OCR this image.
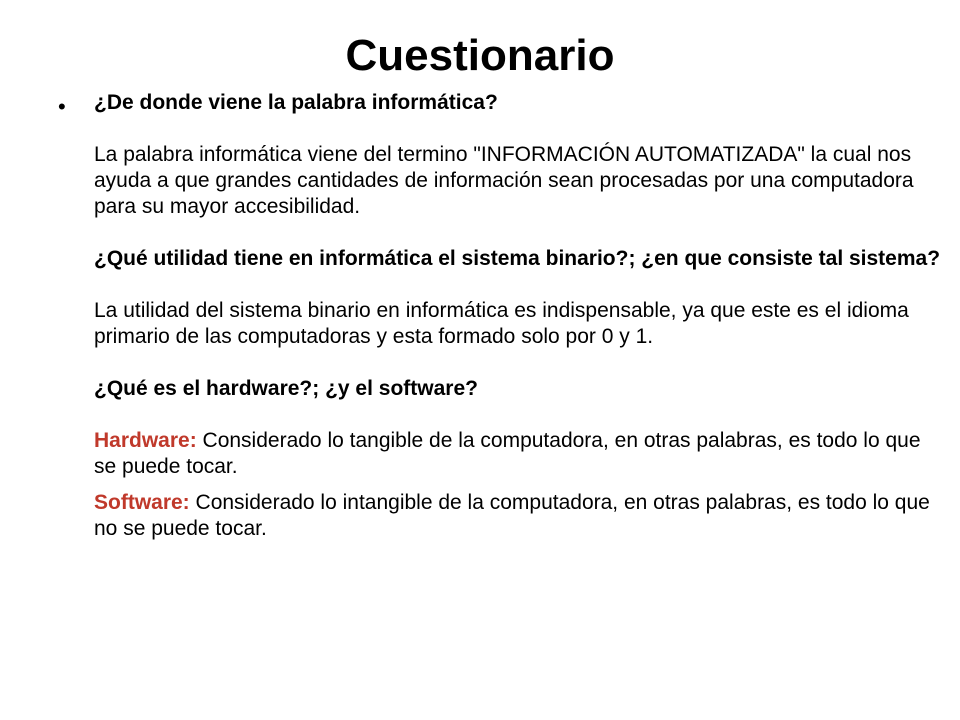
Cuestionario
• ¿De donde viene la palabra informática?

La palabra informática viene del termino "INFORMACIÓN AUTOMATIZADA" la cual nos ayuda a que grandes cantidades de información sean procesadas por una computadora para su mayor accesibilidad.

¿Qué utilidad tiene en informática el sistema binario?; ¿en que consiste tal sistema?

La utilidad del sistema binario en informática es indispensable, ya que este es el idioma primario de las computadoras y esta formado solo por 0 y 1.

¿Qué es el hardware?; ¿y el software?

Hardware: Considerado lo tangible de la computadora, en otras palabras, es todo lo que se puede tocar.

Software: Considerado lo intangible de la computadora, en otras palabras, es todo lo que no se puede tocar.
